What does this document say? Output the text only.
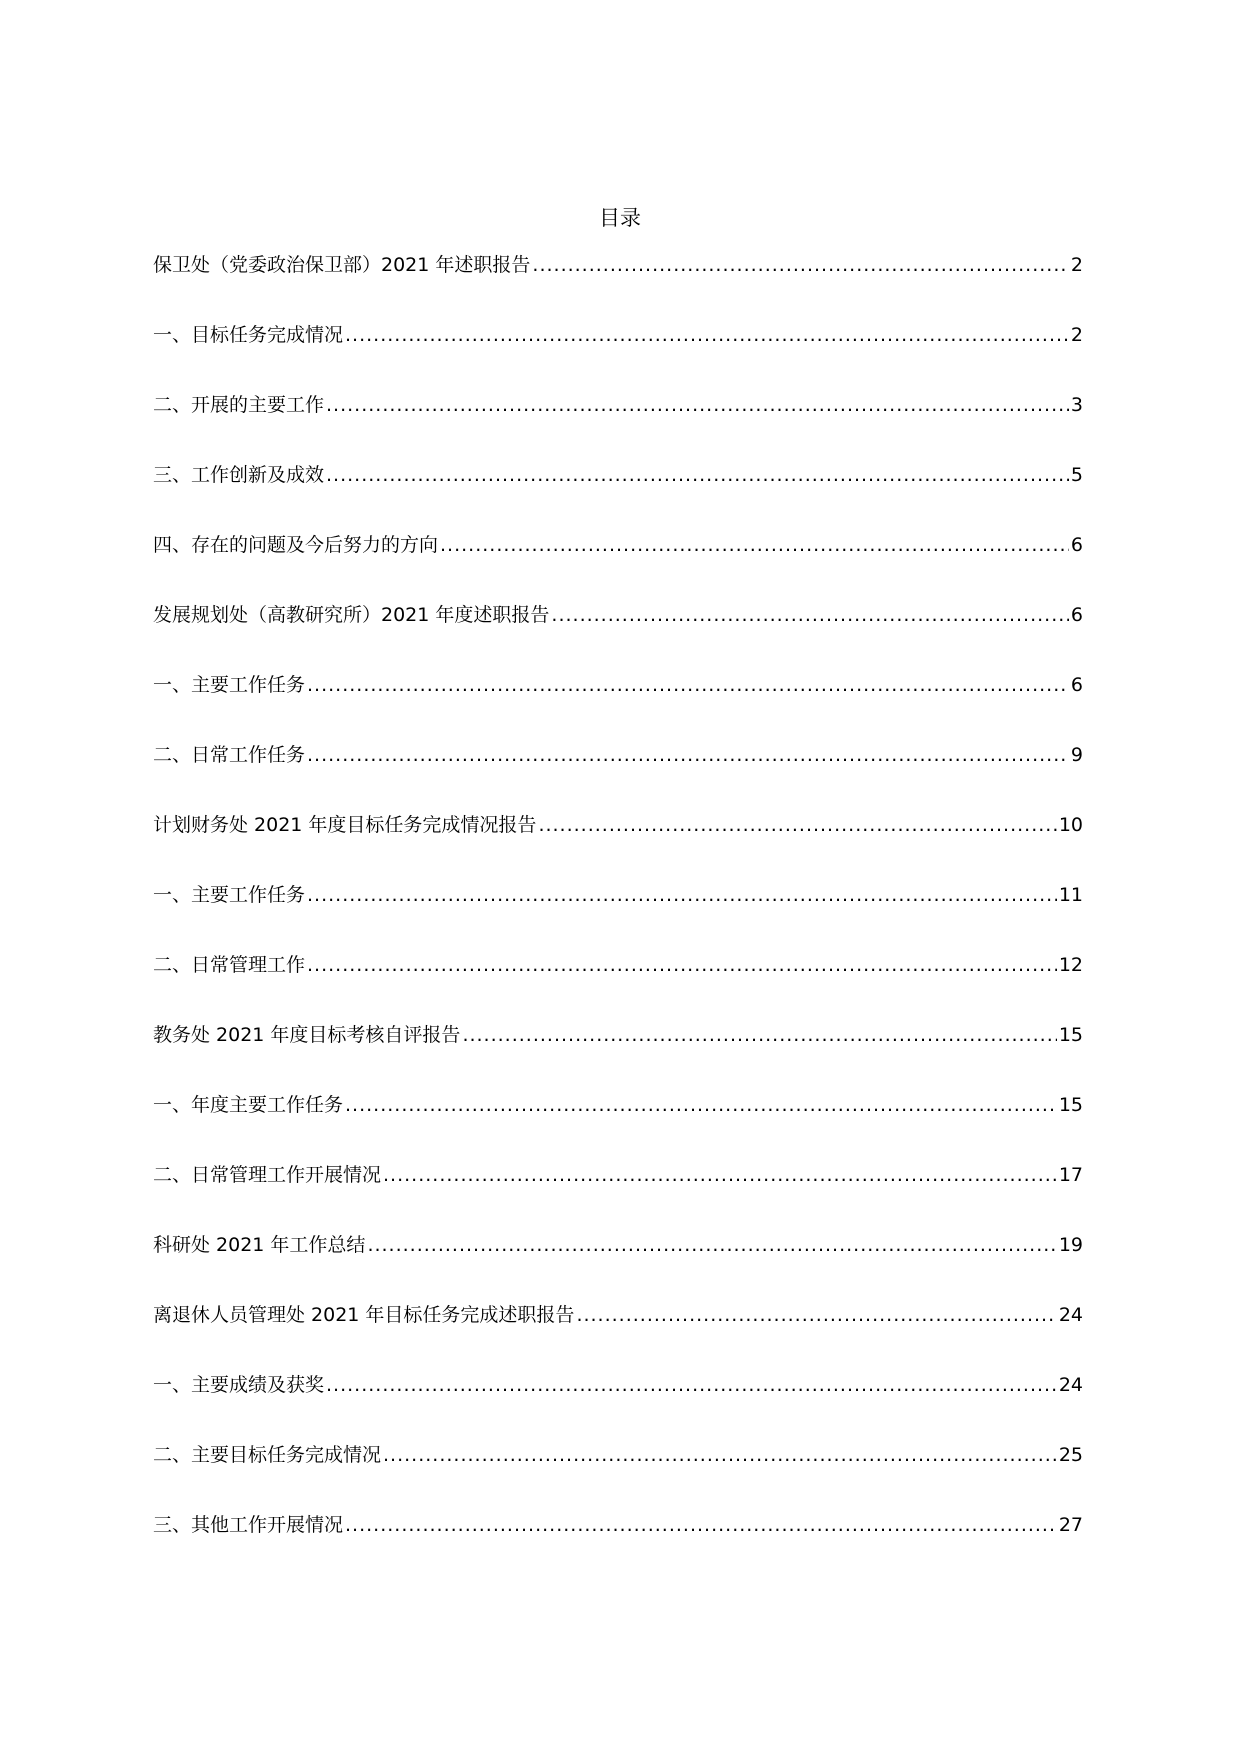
目录
保卫处（党委政治保卫部）2021 年述职报告 .....	2
一、目标任务完成情况 .....	2
二、开展的主要工作 .....	3
三、工作创新及成效 .....	5
四、存在的问题及今后努力的方向 .....	6
发展规划处（高教研究所）2021 年度述职报告 .....	6
一、主要工作任务 .....	6
二、日常工作任务 .....	9
计划财务处 2021 年度目标任务完成情况报告 .....	10
一、主要工作任务 .....	11
二、日常管理工作 .....	12
教务处 2021 年度目标考核自评报告 .....	15
一、年度主要工作任务 .....	15
二、日常管理工作开展情况 .....	17
科研处 2021 年工作总结 .....	19
离退休人员管理处 2021 年目标任务完成述职报告 .....	24
一、主要成绩及获奖 .....	24
二、主要目标任务完成情况 .....	25
三、其他工作开展情况 .....	27
